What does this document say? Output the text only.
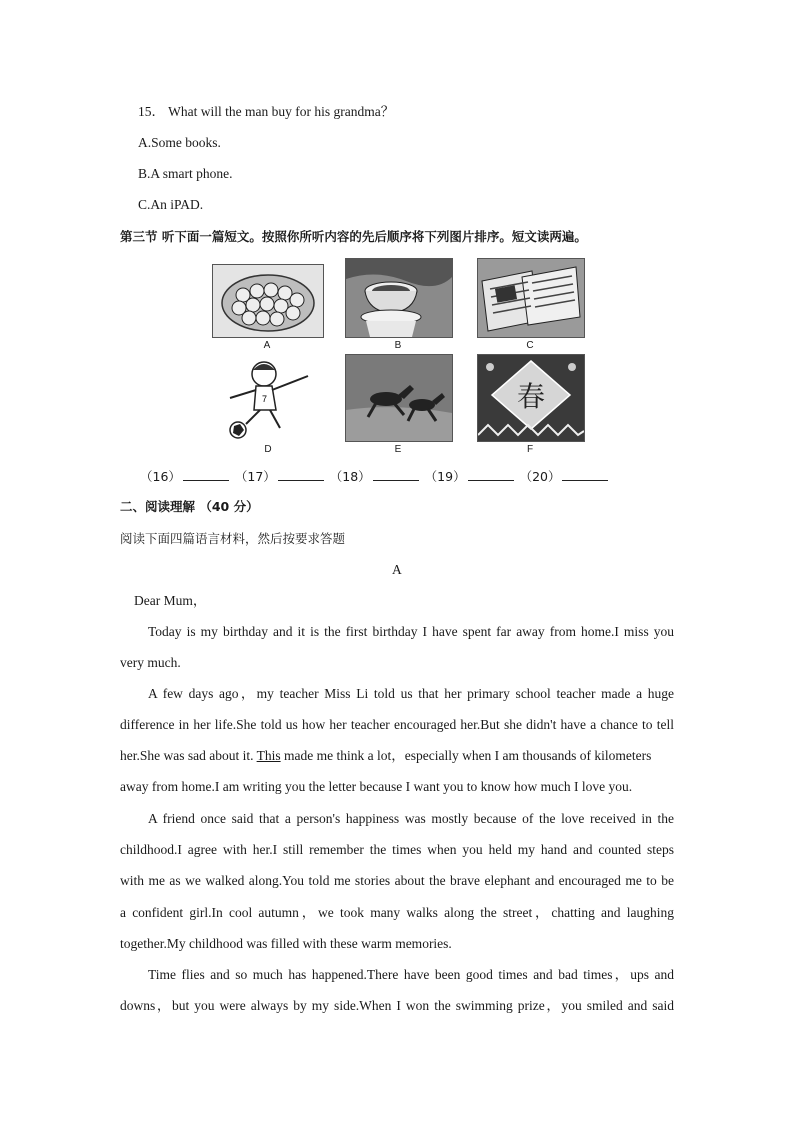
15． What will the man buy for his grandma？
A.Some books.
B.A smart phone.
C.An iPAD.
第三节 听下面一篇短文。按照你所听内容的先后顺序将下列图片排序。短文读两遍。
A	B	C
7
D	E
春
F
（16）	（17）	（18）	（19）	（20）
二、阅读理解 （40 分）
阅读下面四篇语言材料，然后按要求答题
A
Dear Mum，
Today is my birthday and it is the first birthday I have spent far away from home.I miss you
very much.
A few days ago，my teacher Miss Li told us that her primary school teacher made a huge
difference in her life.She told us how her teacher encouraged her.But she didn't have a chance to tell
her.She was sad about it. This made me think a lot，especially when I am thousands of kilometers
away from home.I am writing you the letter because I want you to know how much I love you.
A friend once said that a person's happiness was mostly because of the love received in the
childhood.I agree with her.I still remember the times when you held my hand and counted steps
with me as we walked along.You told me stories about the brave elephant and encouraged me to be
a confident girl.In cool autumn，we took many walks along the street，chatting and laughing
together.My childhood was filled with these warm memories.
Time flies and so much has happened.There have been good times and bad times，ups and
downs，but you were always by my side.When I won the swimming prize，you smiled and said
